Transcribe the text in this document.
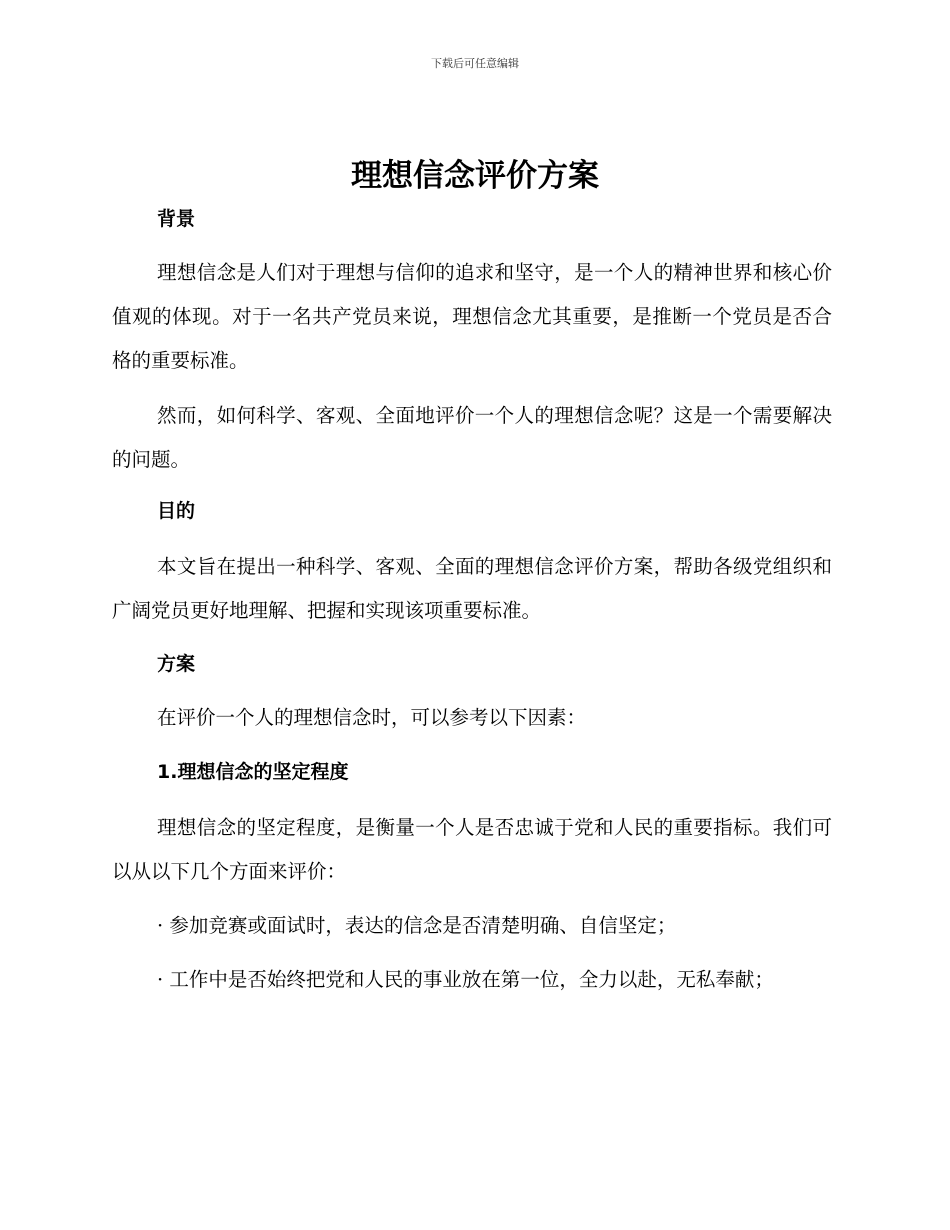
下载后可任意编辑
理想信念评价方案
背景

理想信念是人们对于理想与信仰的追求和坚守，是一个人的精神世界和核心价值观的体现。对于一名共产党员来说，理想信念尤其重要，是推断一个党员是否合格的重要标准。

然而，如何科学、客观、全面地评价一个人的理想信念呢？这是一个需要解决的问题。

目的

本文旨在提出一种科学、客观、全面的理想信念评价方案，帮助各级党组织和广阔党员更好地理解、把握和实现该项重要标准。

方案

在评价一个人的理想信念时，可以参考以下因素：

1.理想信念的坚定程度

理想信念的坚定程度，是衡量一个人是否忠诚于党和人民的重要指标。我们可以从以下几个方面来评价：

· 参加竞赛或面试时，表达的信念是否清楚明确、自信坚定；

· 工作中是否始终把党和人民的事业放在第一位，全力以赴，无私奉献；
